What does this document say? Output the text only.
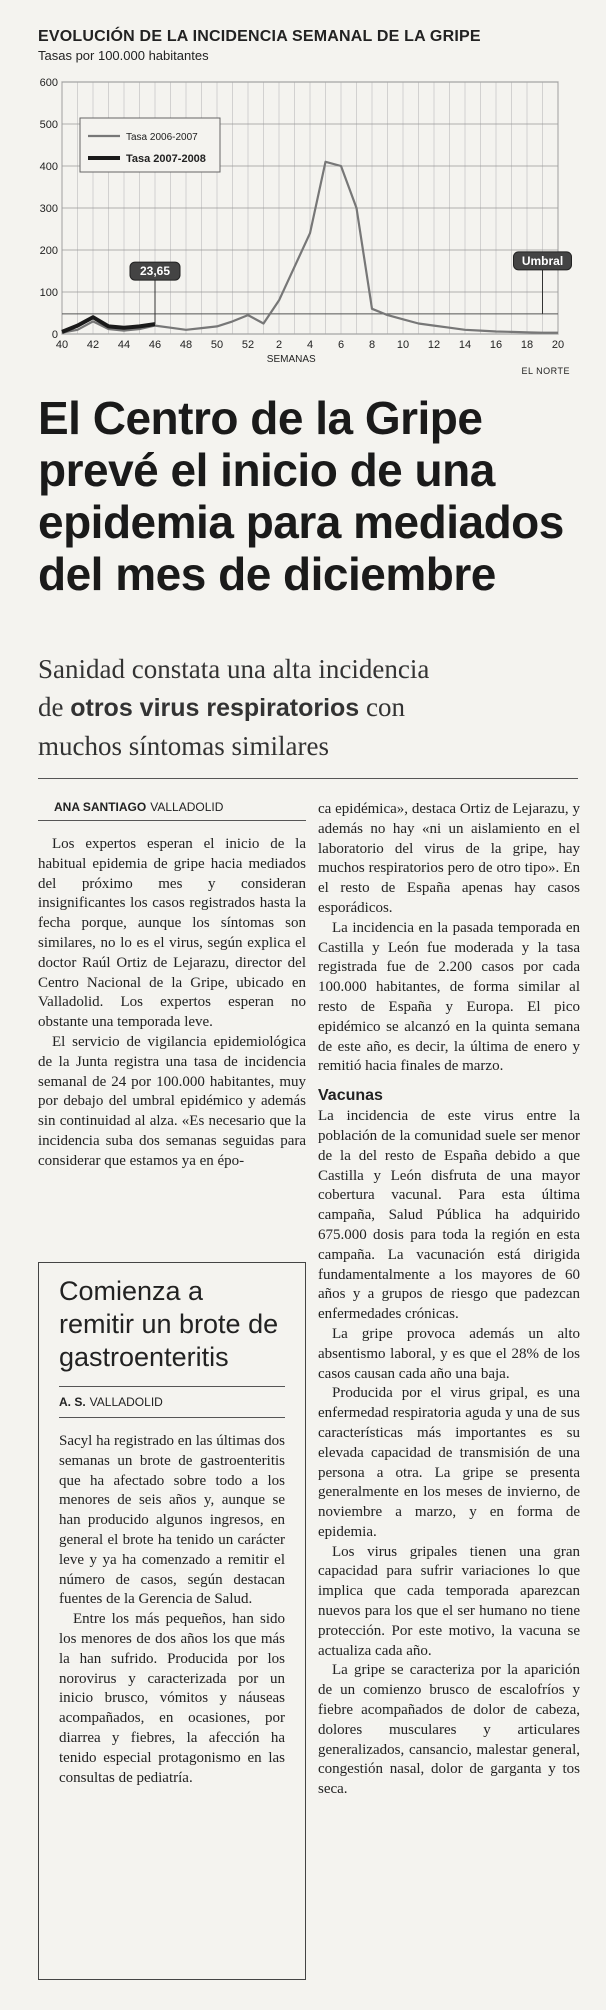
EVOLUCIÓN DE LA INCIDENCIA SEMANAL DE LA GRIPE
Tasas por 100.000 habitantes
0
100
200
300
400
500
600
40 42 44 46 48 50 52 2 4 6 8 10 12 14 16 18 20
SEMANAS
Tasa 2006-2007
Tasa 2007-2008
23,65
Umbral
EL NORTE
El Centro de la Gripe
prevé el inicio de una
epidemia para mediados
del mes de diciembre
Sanidad constata una alta incidencia
de otros virus respiratorios con
muchos síntomas similares
ANA SANTIAGO VALLADOLID

Los expertos esperan el inicio de la habitual epidemia de gripe hacia mediados del próximo mes y consideran insignificantes los casos registrados hasta la fecha porque, aunque los síntomas son similares, no lo es el virus, según explica el doctor Raúl Ortiz de Lejarazu, director del Centro Nacional de la Gripe, ubicado en Valladolid. Los expertos esperan no obstante una temporada leve.

El servicio de vigilancia epidemiológica de la Junta registra una tasa de incidencia semanal de 24 por 100.000 habitantes, muy por debajo del umbral epidémico y además sin continuidad al alza. «Es necesario que la incidencia suba dos semanas seguidas para considerar que estamos ya en épo-

ca epidémica», destaca Ortiz de Lejarazu, y además no hay «ni un aislamiento en el laboratorio del virus de la gripe, hay muchos respiratorios pero de otro tipo». En el resto de España apenas hay casos esporádicos.

La incidencia en la pasada temporada en Castilla y León fue moderada y la tasa registrada fue de 2.200 casos por cada 100.000 habitantes, de forma similar al resto de España y Europa. El pico epidémico se alcanzó en la quinta semana de este año, es decir, la última de enero y remitió hacia finales de marzo.

Vacunas

La incidencia de este virus entre la población de la comunidad suele ser menor de la del resto de España debido a que Castilla y León disfruta de una mayor cobertura vacunal. Para esta última campaña, Salud Pública ha adquirido 675.000 dosis para toda la región en esta campaña. La vacunación está dirigida fundamentalmente a los mayores de 60 años y a grupos de riesgo que padezcan enfermedades crónicas.

La gripe provoca además un alto absentismo laboral, y es que el 28% de los casos causan cada año una baja.

Producida por el virus gripal, es una enfermedad respiratoria aguda y una de sus características más importantes es su elevada capacidad de transmisión de una persona a otra. La gripe se presenta generalmente en los meses de invierno, de noviembre a marzo, y en forma de epidemia.

Los virus gripales tienen una gran capacidad para sufrir variaciones lo que implica que cada temporada aparezcan nuevos para los que el ser humano no tiene protección. Por este motivo, la vacuna se actualiza cada año.

La gripe se caracteriza por la aparición de un comienzo brusco de escalofríos y fiebre acompañados de dolor de cabeza, dolores musculares y articulares generalizados, cansancio, malestar general, congestión nasal, dolor de garganta y tos seca.

Comienza a remitir un brote de gastroenteritis
A. S. VALLADOLID

Sacyl ha registrado en las últimas dos semanas un brote de gastroenteritis que ha afectado sobre todo a los menores de seis años y, aunque se han producido algunos ingresos, en general el brote ha tenido un carácter leve y ya ha comenzado a remitir el número de casos, según destacan fuentes de la Gerencia de Salud.

Entre los más pequeños, han sido los menores de dos años los que más la han sufrido. Producida por los norovirus y caracterizada por un inicio brusco, vómitos y náuseas acompañados, en ocasiones, por diarrea y fiebres, la afección ha tenido especial protagonismo en las consultas de pediatría.
